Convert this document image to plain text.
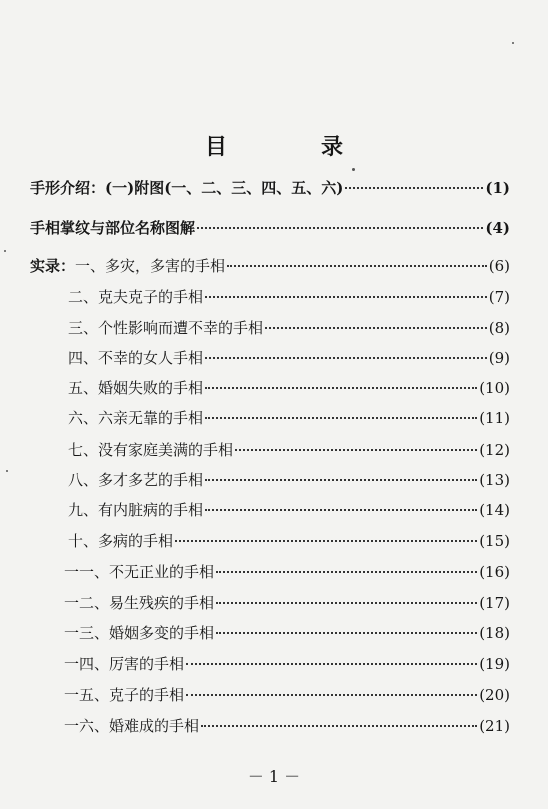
目　录
手形介绍：(一)附图(一、二、三、四、五、六)	(1)
手相掌纹与部位名称图解	(4)
实录： 一、多灾，多害的手相	(6)
二、克夫克子的手相	(7)
三、个性影响而遭不幸的手相	(8)
四、不幸的女人手相	(9)
五、婚姻失败的手相	(10)
六、六亲无靠的手相	(11)
七、没有家庭美满的手相	(12)
八、多才多艺的手相	(13)
九、有内脏病的手相	(14)
十、多病的手相	(15)
一一、不无正业的手相	(16)
一二、易生残疾的手相	(17)
一三、婚姻多变的手相	(18)
一四、厉害的手相	(19)
一五、克子的手相	(20)
一六、婚难成的手相	(21)
－ 1 －
